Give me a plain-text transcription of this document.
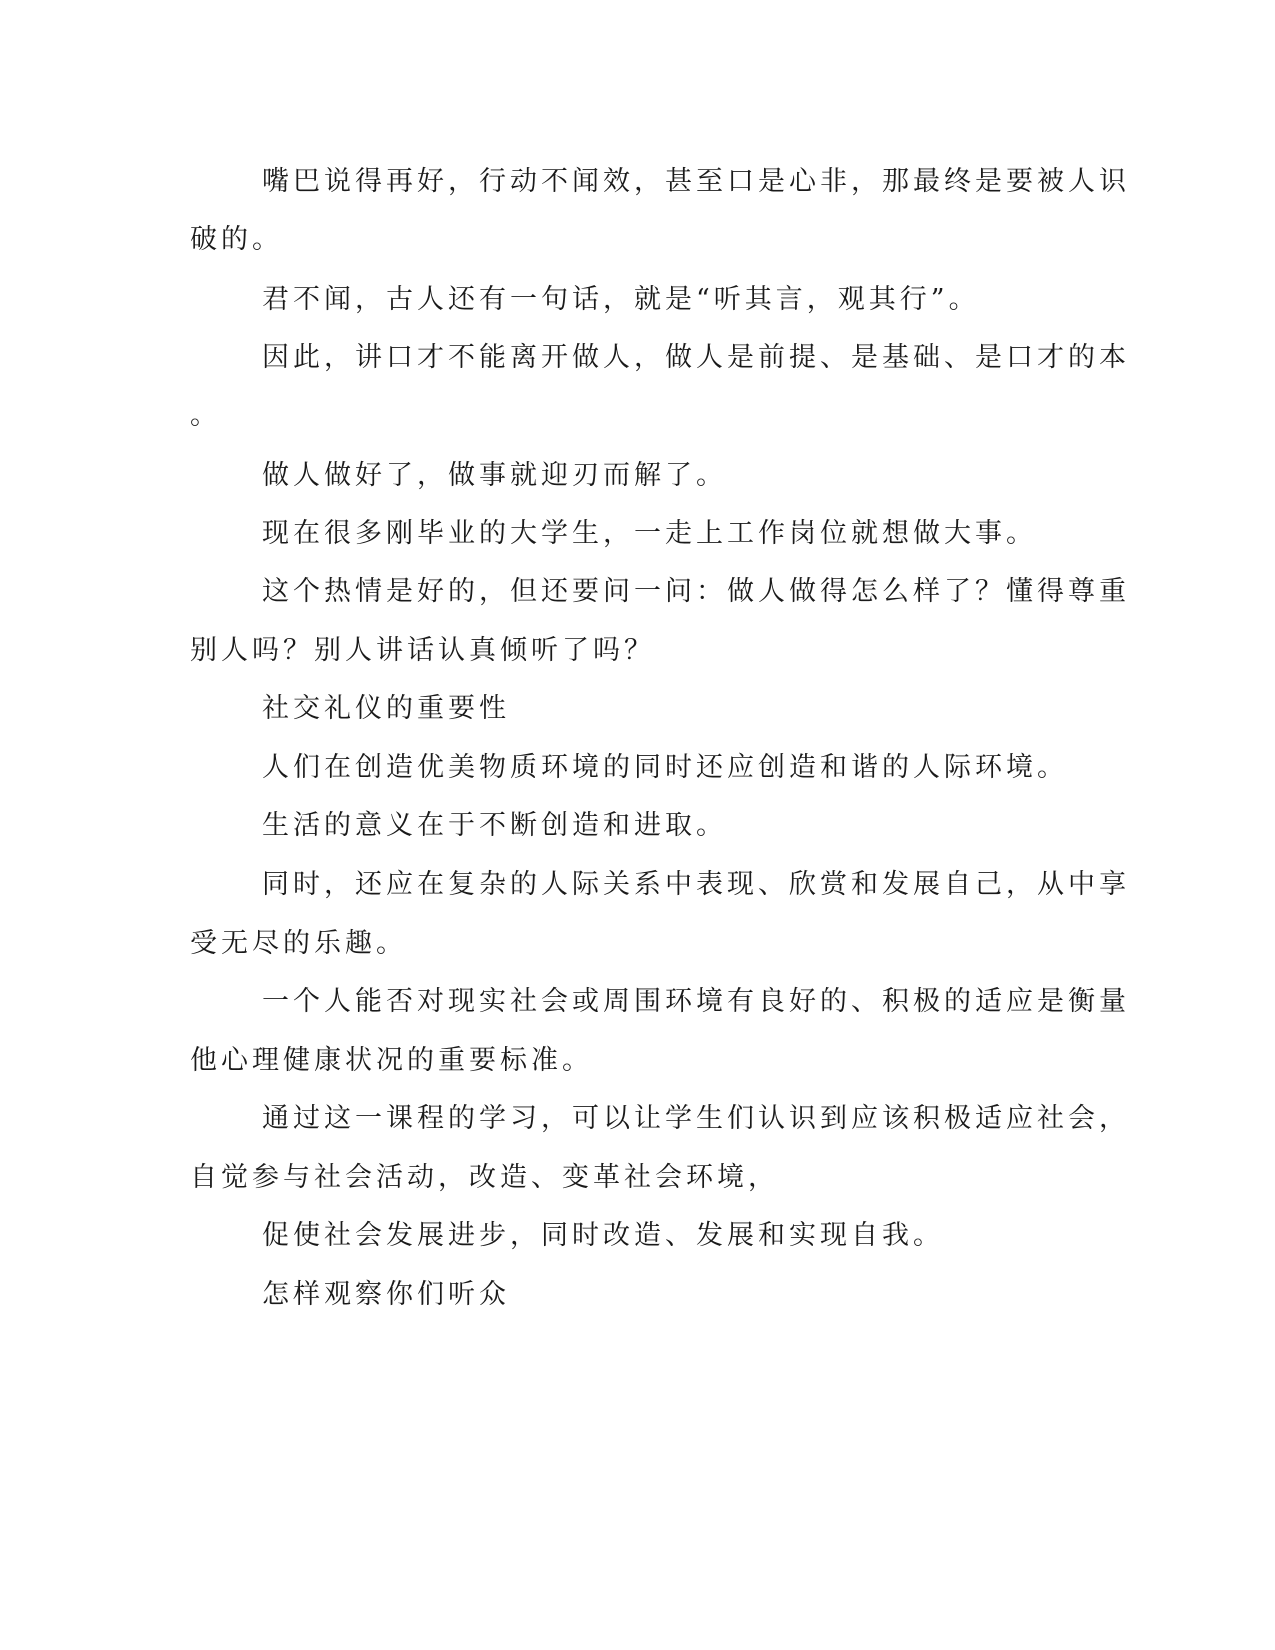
嘴巴说得再好，行动不闻效，甚至口是心非，那最终是要被人识

破的。

君不闻，古人还有一句话，就是“听其言，观其行”。

因此，讲口才不能离开做人，做人是前提、是基础、是口才的本

。

做人做好了，做事就迎刃而解了。

现在很多刚毕业的大学生，一走上工作岗位就想做大事。

这个热情是好的，但还要问一问：做人做得怎么样了？懂得尊重

别人吗？别人讲话认真倾听了吗？

社交礼仪的重要性

人们在创造优美物质环境的同时还应创造和谐的人际环境。

生活的意义在于不断创造和进取。

同时，还应在复杂的人际关系中表现、欣赏和发展自己，从中享

受无尽的乐趣。

一个人能否对现实社会或周围环境有良好的、积极的适应是衡量

他心理健康状况的重要标准。

通过这一课程的学习，可以让学生们认识到应该积极适应社会，

自觉参与社会活动，改造、变革社会环境，

促使社会发展进步，同时改造、发展和实现自我。

怎样观察你们听众
